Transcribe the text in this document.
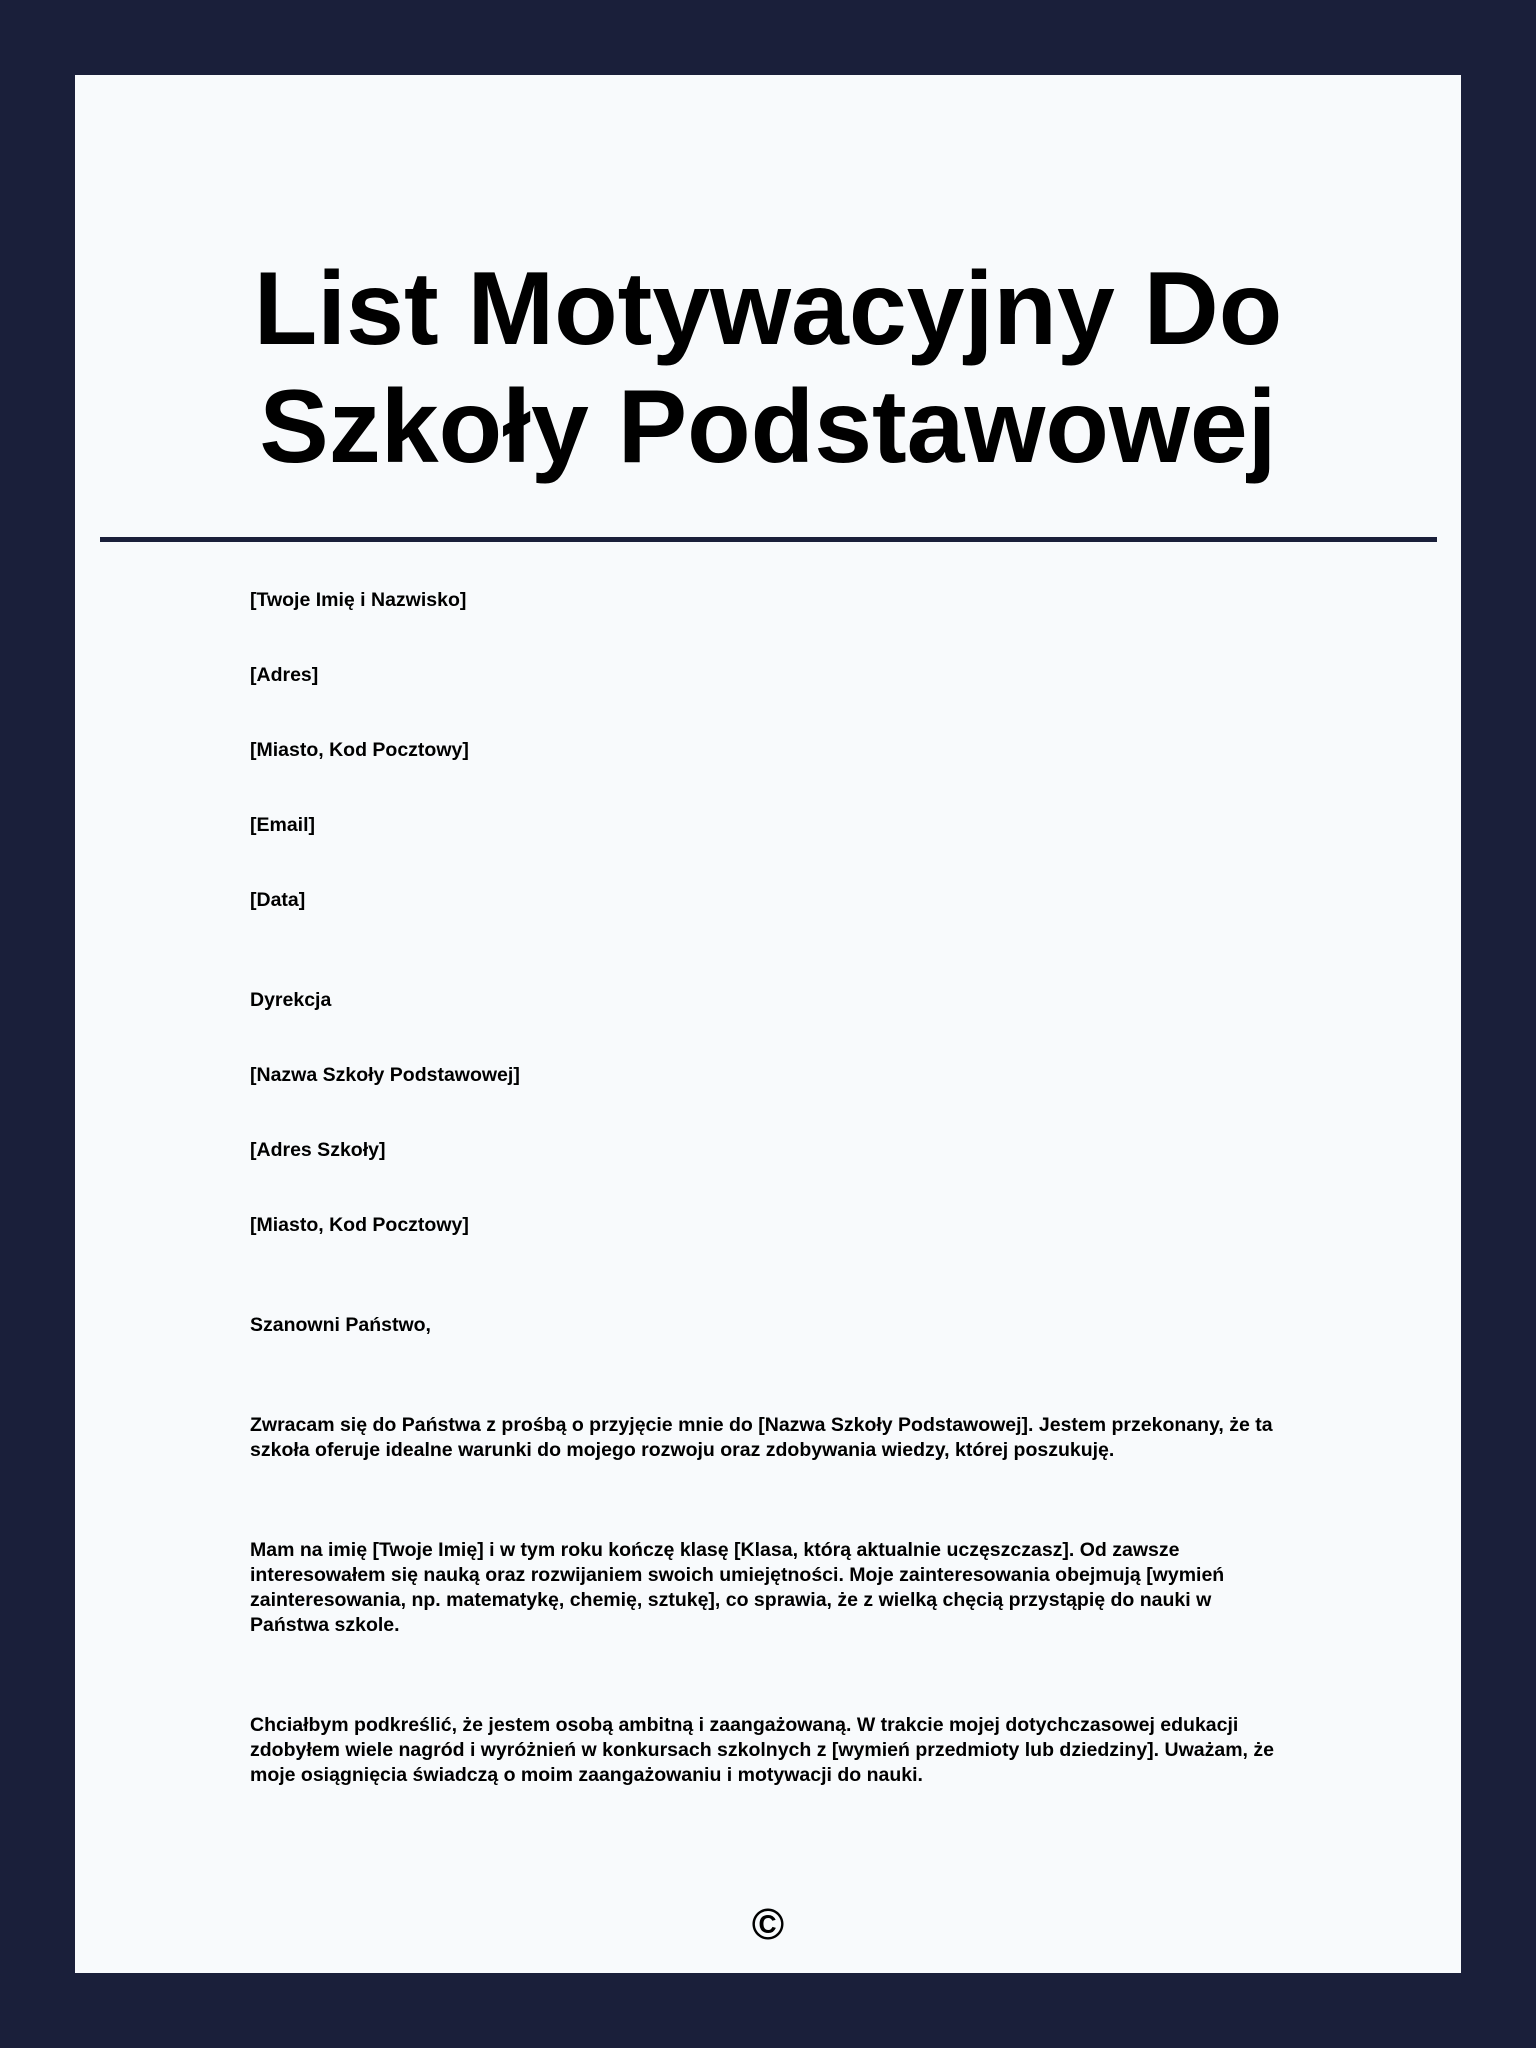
List Motywacyjny Do Szkoły Podstawowej
[Twoje Imię i Nazwisko]
[Adres]
[Miasto, Kod Pocztowy]
[Email]
[Data]
Dyrekcja
[Nazwa Szkoły Podstawowej]
[Adres Szkoły]
[Miasto, Kod Pocztowy]
Szanowni Państwo,

Zwracam się do Państwa z prośbą o przyjęcie mnie do [Nazwa Szkoły Podstawowej]. Jestem przekonany, że ta szkoła oferuje idealne warunki do mojego rozwoju oraz zdobywania wiedzy, której poszukuję.

Mam na imię [Twoje Imię] i w tym roku kończę klasę [Klasa, którą aktualnie uczęszczasz]. Od zawsze interesowałem się nauką oraz rozwijaniem swoich umiejętności. Moje zainteresowania obejmują [wymień zainteresowania, np. matematykę, chemię, sztukę], co sprawia, że z wielką chęcią przystąpię do nauki w Państwa szkole.

Chciałbym podkreślić, że jestem osobą ambitną i zaangażowaną. W trakcie mojej dotychczasowej edukacji zdobyłem wiele nagród i wyróżnień w konkursach szkolnych z [wymień przedmioty lub dziedziny]. Uważam, że moje osiągnięcia świadczą o moim zaangażowaniu i motywacji do nauki.

©
